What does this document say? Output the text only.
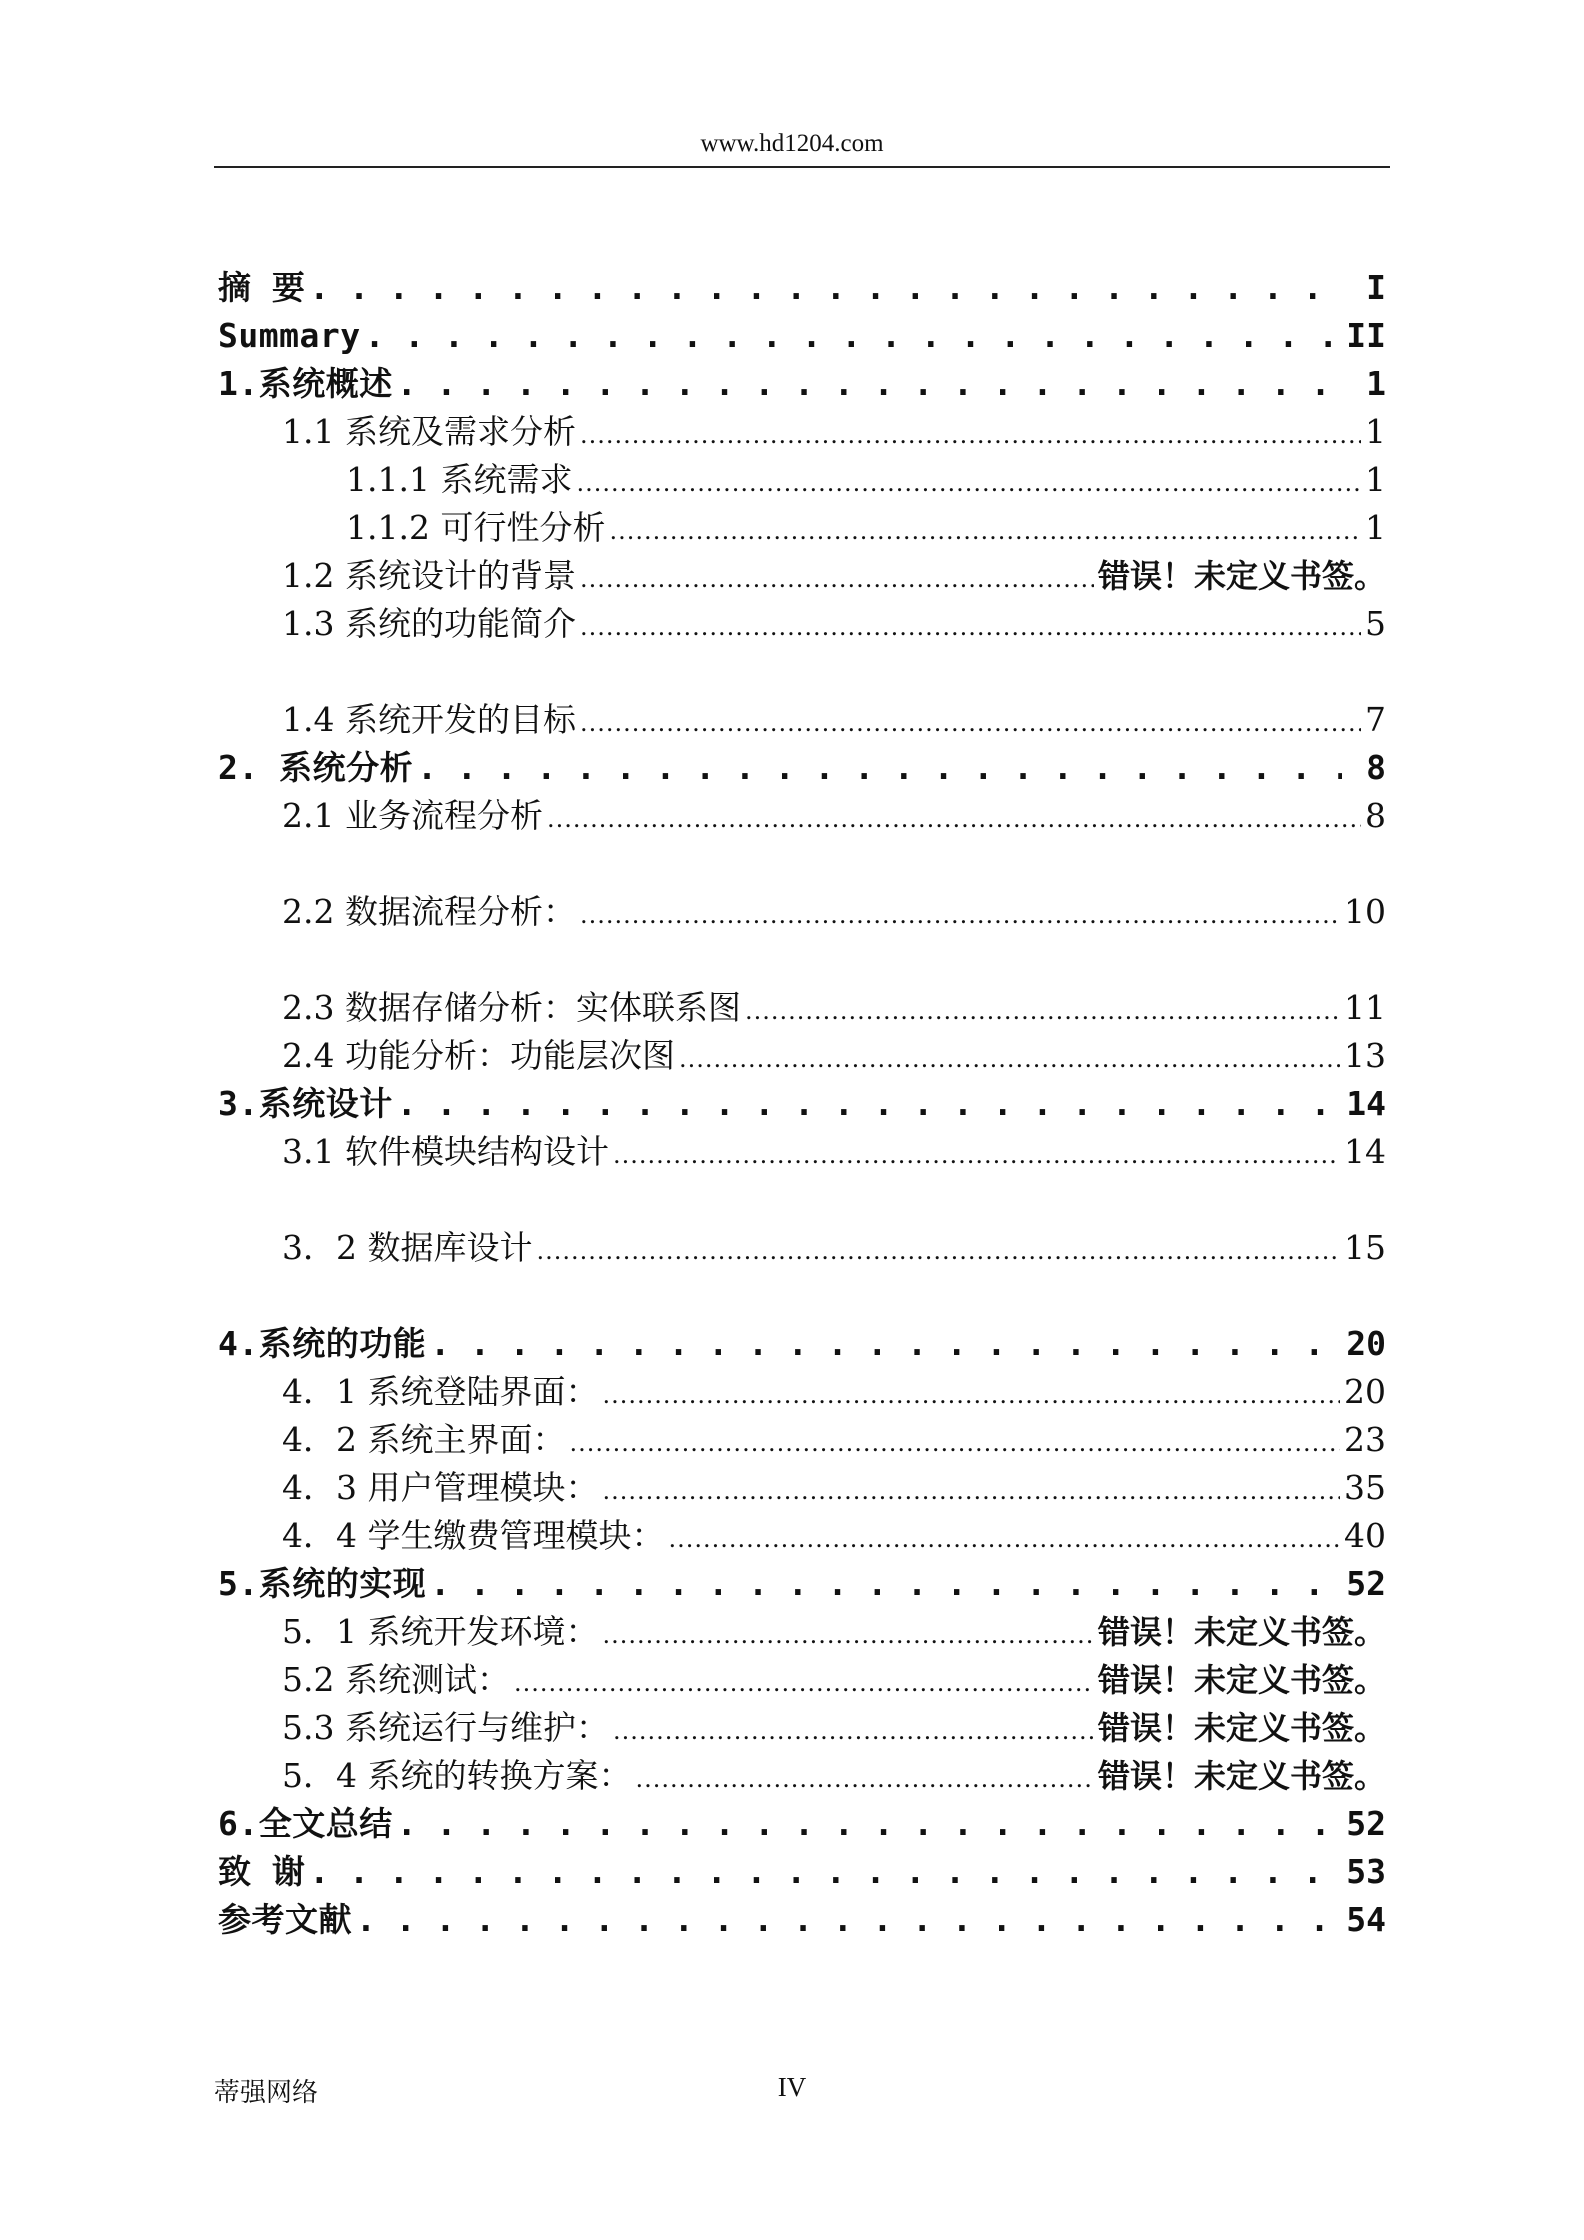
www.hd1204.com
摘 要 . . .	I
Summary . . .	II
1.系统概述 . . .	1
1.1 系统及需求分析 .....	1
1.1.1 系统需求 .....	1
1.1.2 可行性分析 .....	1
1.2 系统设计的背景 .....	错误！未定义书签。
1.3 系统的功能简介 .....	5
1.4 系统开发的目标 .....	7
2. 系统分析 . . .	8
2.1 业务流程分析 .....	8
2.2 数据流程分析： .....	10
2.3 数据存储分析：实体联系图 .....	11
2.4 功能分析：功能层次图 .....	13
3.系统设计 . . .	14
3.1 软件模块结构设计 .....	14
3．2 数据库设计 .....	15
4.系统的功能 . . .	20
4．1 系统登陆界面： .....	20
4．2 系统主界面： .....	23
4．3 用户管理模块： .....	35
4．4 学生缴费管理模块： .....	40
5.系统的实现 . . .	52
5．1 系统开发环境： .....	错误！未定义书签。
5.2 系统测试： .....	错误！未定义书签。
5.3 系统运行与维护： .....	错误！未定义书签。
5．4 系统的转换方案： .....	错误！未定义书签。
6.全文总结 . . .	52
致 谢 . . .	53
参考文献 . . .	54
蒂强网络	IV
